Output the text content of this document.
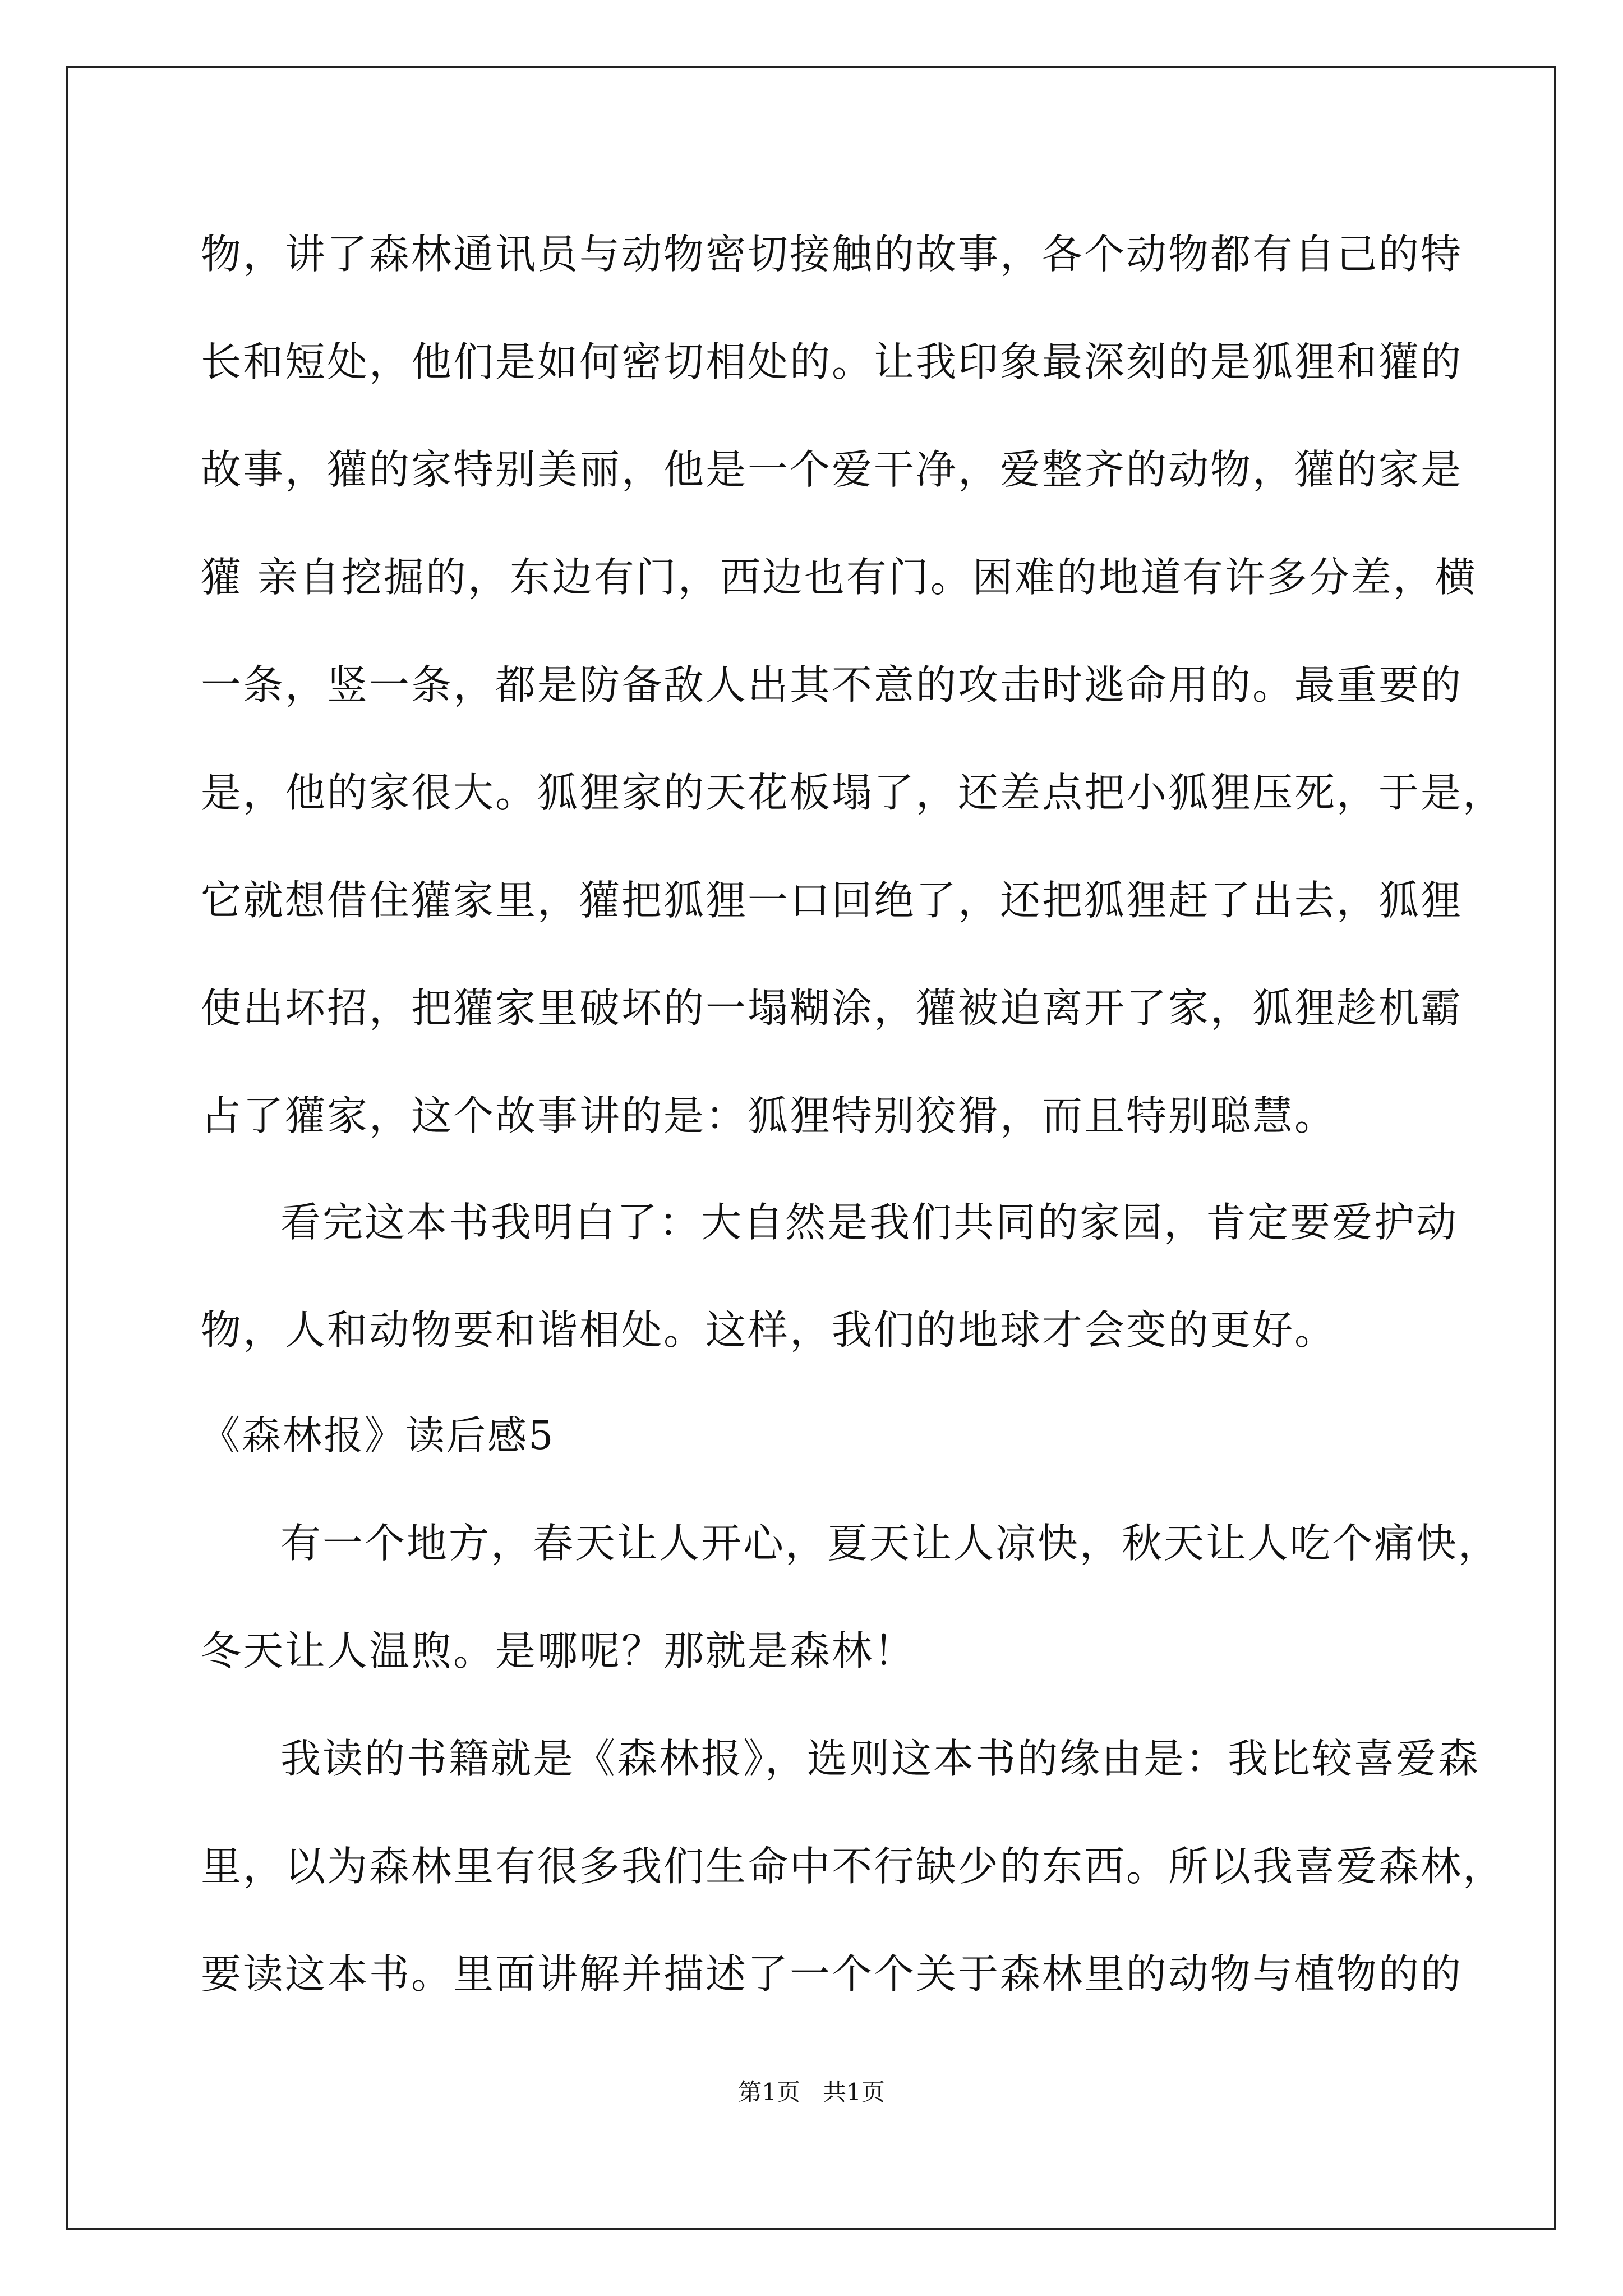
物，讲了森林通讯员与动物密切接触的故事，各个动物都有自己的特

长和短处，他们是如何密切相处的。让我印象最深刻的是狐狸和獾的

故事，獾的家特别美丽，他是一个爱干净，爱整齐的动物，獾的家是

獾 亲自挖掘的，东边有门，西边也有门。困难的地道有许多分差，横

一条，竖一条，都是防备敌人出其不意的攻击时逃命用的。最重要的

是，他的家很大。狐狸家的天花板塌了，还差点把小狐狸压死，于是，

它就想借住獾家里，獾把狐狸一口回绝了，还把狐狸赶了出去，狐狸

使出坏招，把獾家里破坏的一塌糊涂，獾被迫离开了家，狐狸趁机霸

占了獾家，这个故事讲的是：狐狸特别狡猾，而且特别聪慧。

看完这本书我明白了：大自然是我们共同的家园，肯定要爱护动

物，人和动物要和谐相处。这样，我们的地球才会变的更好。

《森林报》读后感5

有一个地方，春天让人开心，夏天让人凉快，秋天让人吃个痛快，

冬天让人温煦。是哪呢？那就是森林！

我读的书籍就是《森林报》，选则这本书的缘由是：我比较喜爱森

里，以为森林里有很多我们生命中不行缺少的东西。所以我喜爱森林，

要读这本书。里面讲解并描述了一个个关于森林里的动物与植物的的

第1页 共1页
